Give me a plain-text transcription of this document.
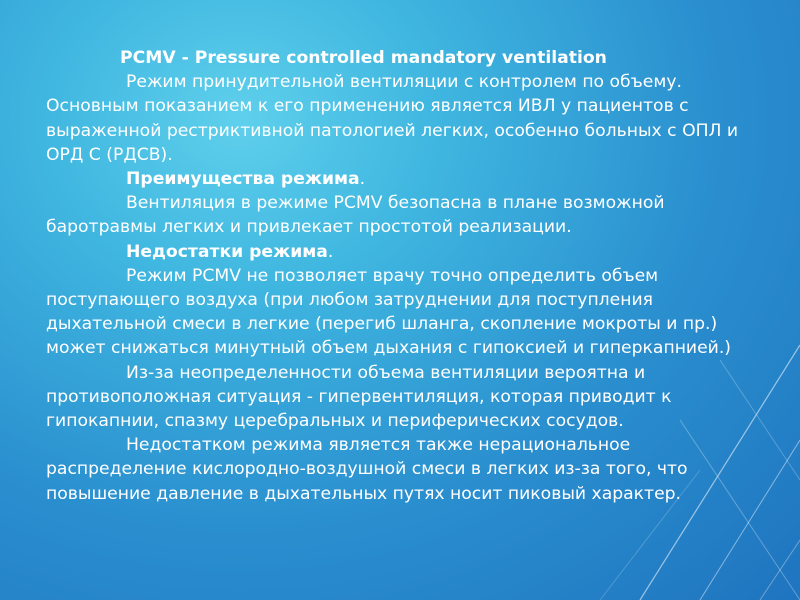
PCMV - Pressure controlled mandatory ventilation

Режим принудительной вентиляции с контролем по объему. Основным показанием к его применению является ИВЛ у пациентов с выраженной рестриктивной патологией легких, особенно больных с ОПЛ и ОРД С (РДСВ).

Преимущества режима.

Вентиляция в режиме PCMV безопасна в плане возможной баротравмы легких и привлекает простотой реализации.

Недостатки режима.

Режим PCMV не позволяет врачу точно определить объем поступающего воздуха (при любом затруднении для поступления дыхательной смеси в легкие (перегиб шланга, скопление мокроты и пр.) может снижаться минутный объем дыхания с гипоксией и гиперкапнией.)

Из-за неопределенности объема вентиляции вероятна и противоположная ситуация - гипервентиляция, которая приводит к гипокапнии, спазму церебральных и периферических сосудов.

Недостатком режима является также нерациональное распределение кислородно-воздушной смеси в легких из-за того, что повышение давление в дыхательных путях носит пиковый характер.
